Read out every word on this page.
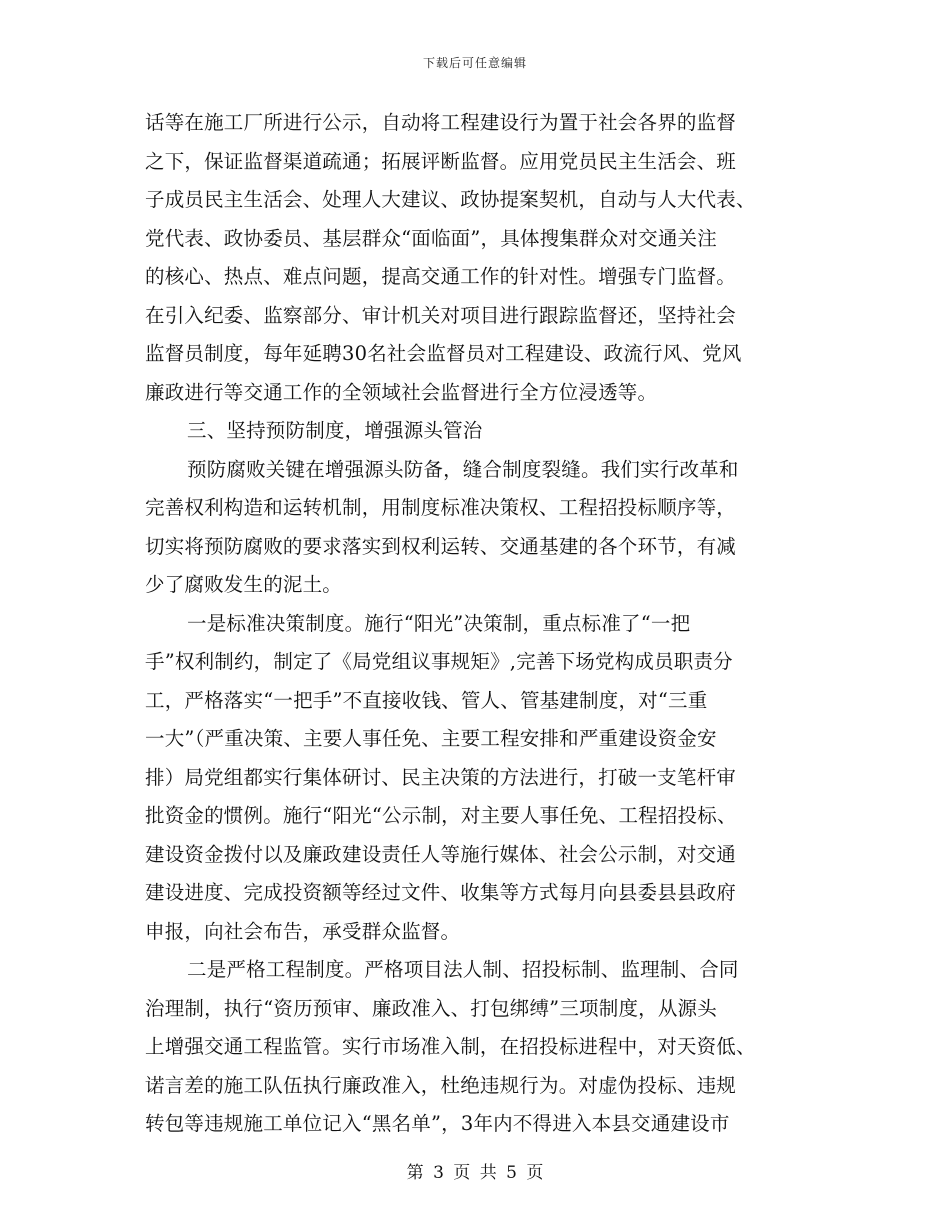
下载后可任意编辑
话等在施工厂所进行公示，自动将工程建设行为置于社会各界的监督
之下，保证监督渠道疏通；拓展评断监督。应用党员民主生活会、班
子成员民主生活会、处理人大建议、政协提案契机，自动与人大代表、
党代表、政协委员、基层群众“面临面”，具体搜集群众对交通关注
的核心、热点、难点问题，提高交通工作的针对性。增强专门监督。
在引入纪委、监察部分、审计机关对项目进行跟踪监督还，坚持社会
监督员制度，每年延聘30名社会监督员对工程建设、政流行风、党风
廉政进行等交通工作的全领域社会监督进行全方位浸透等。
三、坚持预防制度，增强源头管治
预防腐败关键在增强源头防备，缝合制度裂缝。我们实行改革和
完善权利构造和运转机制，用制度标准决策权、工程招投标顺序等，
切实将预防腐败的要求落实到权利运转、交通基建的各个环节，有减
少了腐败发生的泥土。
一是标准决策制度。施行“阳光”决策制，重点标准了“一把
手”权利制约，制定了《局党组议事规矩》,完善下场党构成员职责分
工，严格落实“一把手”不直接收钱、管人、管基建制度，对“三重
一大”（严重决策、主要人事任免、主要工程安排和严重建设资金安
排）局党组都实行集体研讨、民主决策的方法进行，打破一支笔杆审
批资金的惯例。施行“阳光“公示制，对主要人事任免、工程招投标、
建设资金拨付以及廉政建设责任人等施行媒体、社会公示制，对交通
建设进度、完成投资额等经过文件、收集等方式每月向县委县县政府
申报，向社会布告，承受群众监督。
二是严格工程制度。严格项目法人制、招投标制、监理制、合同
治理制，执行“资历预审、廉政准入、打包绑缚”三项制度，从源头
上增强交通工程监管。实行市场准入制，在招投标进程中，对天资低、
诺言差的施工队伍执行廉政准入，杜绝违规行为。对虚伪投标、违规
转包等违规施工单位记入“黑名单”，3年内不得进入本县交通建设市
第 3 页 共 5 页
